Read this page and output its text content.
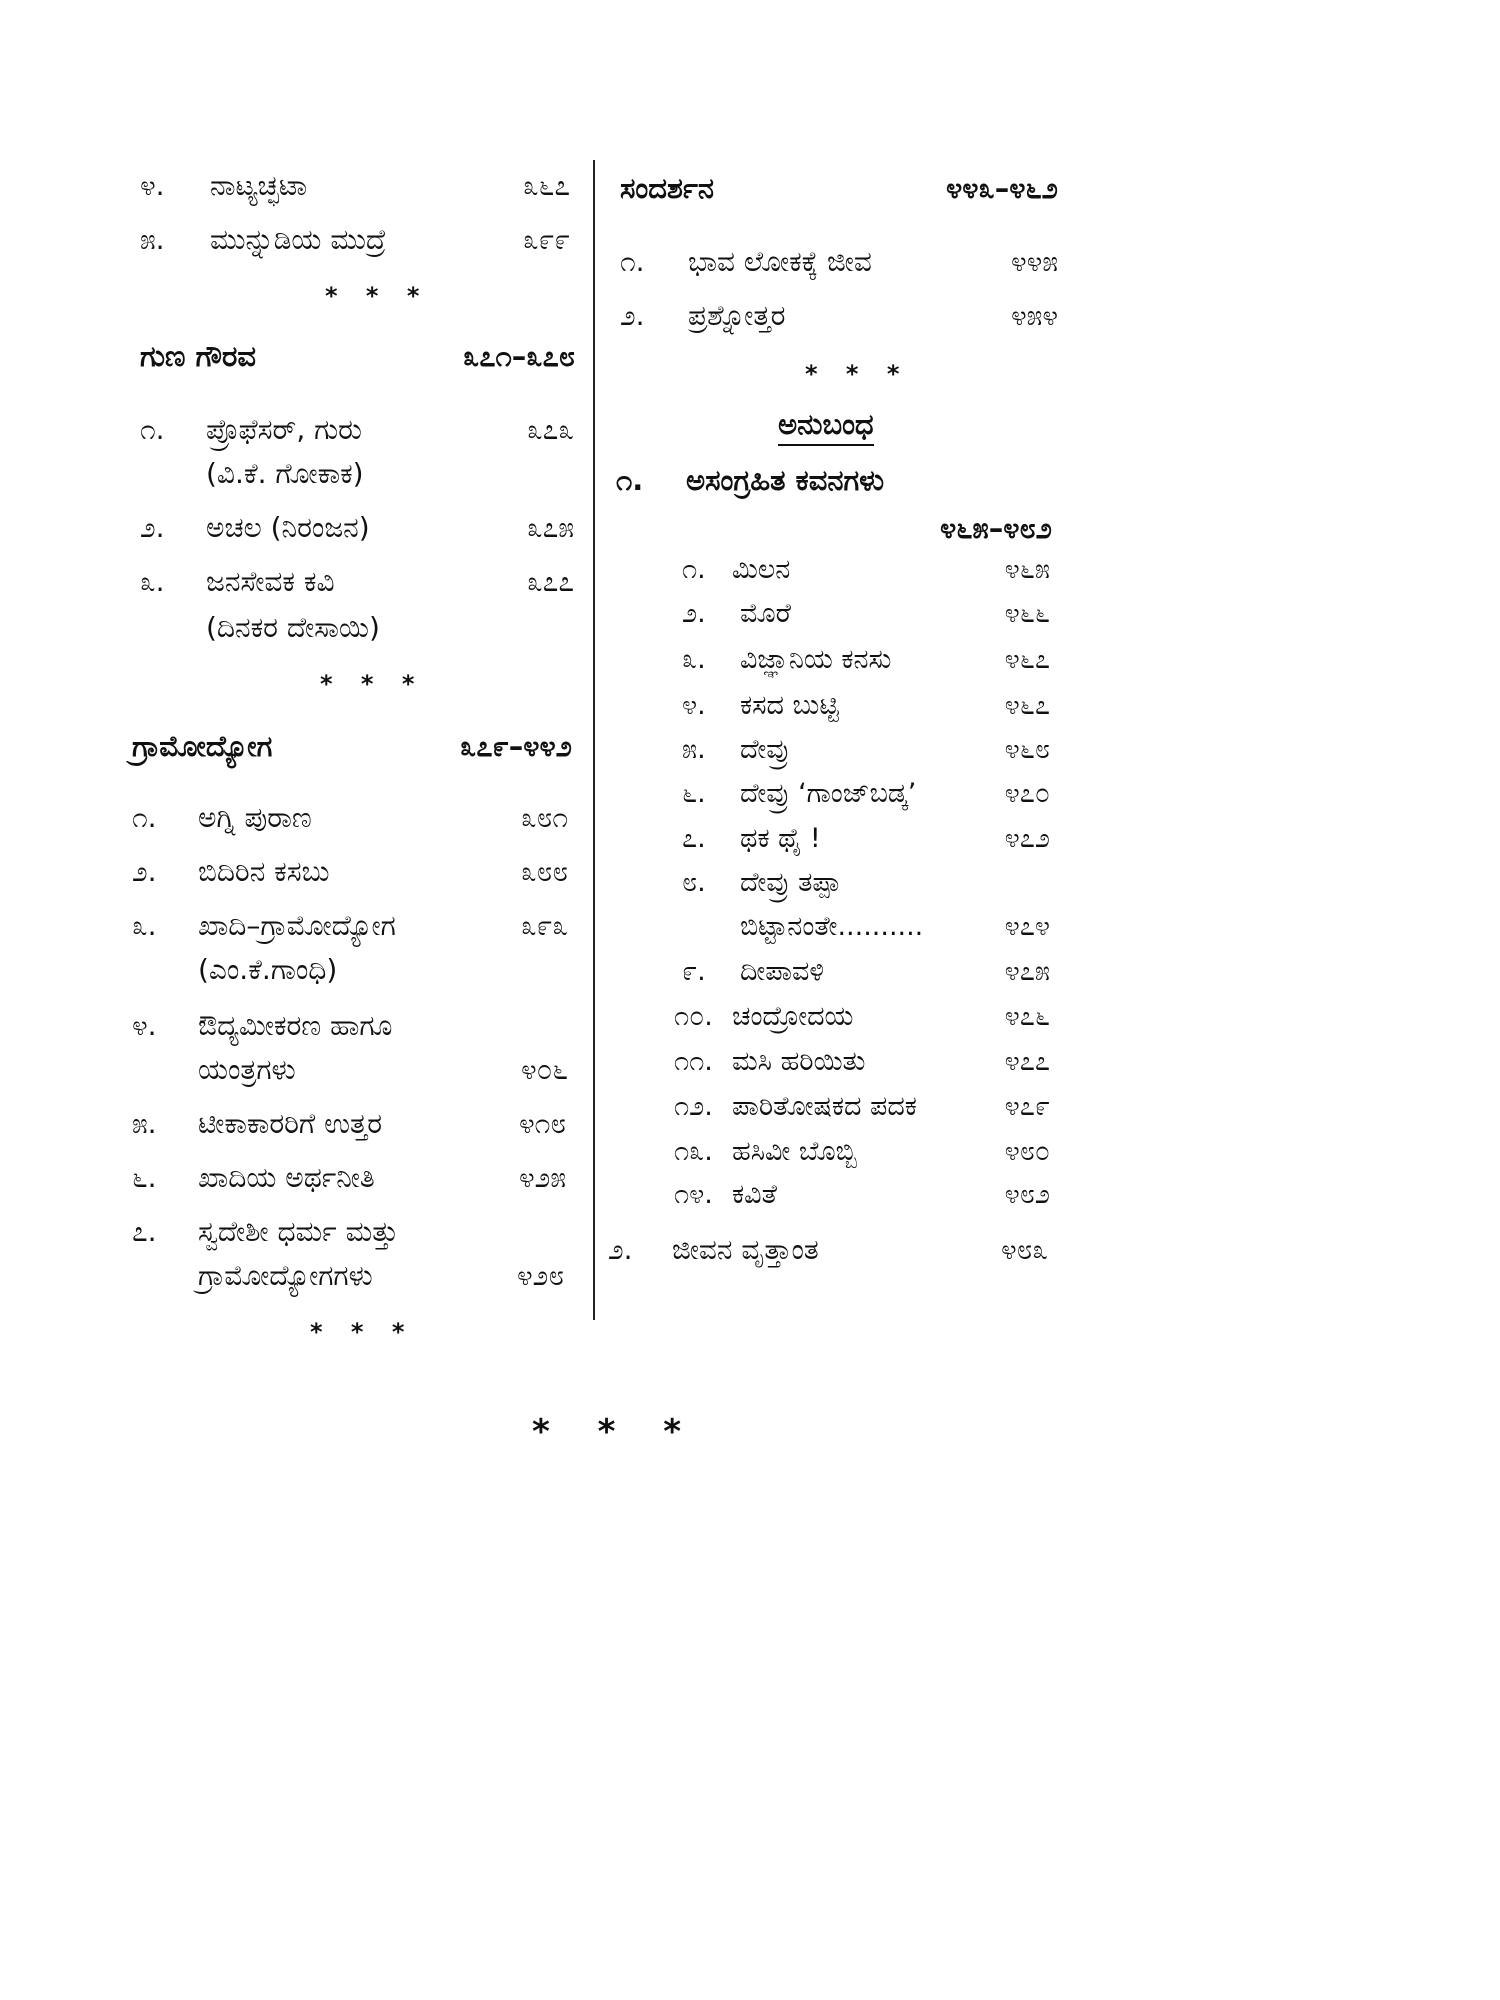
೪. ನಾಟ್ಯಚ್ಛಟಾ	೩೬೭
೫. ಮುನ್ನುಡಿಯ ಮುದ್ರೆ	೩೯೯
* * *
ಗುಣ ಗೌರವ	೩೭೧–೩೭೮
೧. ಪ್ರೊಫೆಸರ್, ಗುರು	೩೭೩
(ವಿ.ಕೆ. ಗೋಕಾಕ)
೨. ಅಚಲ (ನಿರಂಜನ)	೩೭೫
೩. ಜನಸೇವಕ ಕವಿ	೩೭೭
(ದಿನಕರ ದೇಸಾಯಿ)
* * *
ಗ್ರಾಮೋದ್ಯೋಗ	೩೭೯–೪೪೨
೧. ಅಗ್ನಿ ಪುರಾಣ	೩೮೧
೨. ಬಿದಿರಿನ ಕಸಬು	೩೮೮
೩. ಖಾದಿ–ಗ್ರಾಮೋದ್ಯೋಗ	೩೯೩
(ಎಂ.ಕೆ.ಗಾಂಧಿ)
೪. ಔದ್ಯಮೀಕರಣ ಹಾಗೂ
ಯಂತ್ರಗಳು	೪೦೬
೫. ಟೀಕಾಕಾರರಿಗೆ ಉತ್ತರ	೪೧೮
೬. ಖಾದಿಯ ಅರ್ಥನೀತಿ	೪೨೫
೭. ಸ್ವದೇಶೀ ಧರ್ಮ ಮತ್ತು
ಗ್ರಾಮೋದ್ಯೋಗಗಳು	೪೨೮
* * *
ಸಂದರ್ಶನ	೪೪೩–೪೬೨
೧. ಭಾವ ಲೋಕಕ್ಕೆ ಜೀವ	೪೪೫
೨. ಪ್ರಶ್ನೋತ್ತರ	೪೫೪
* * *
ಅನುಬಂಧ
೧. ಅಸಂಗ್ರಹಿತ ಕವನಗಳು
೪೬೫–೪೮೨
೧. ಮಿಲನ	೪೬೫
೨. ಮೊರೆ	೪೬೬
೩. ವಿಜ್ಞಾನಿಯ ಕನಸು	೪೬೭
೪. ಕಸದ ಬುಟ್ಟಿ	೪೬೭
೫. ದೇವ್ರು	೪೬೮
೬. ದೇವ್ರು ‘ಗಾಂಜ್‌ಬಡ್ಕ’	೪೭೦
೭. ಥಕ ಥೈ !	೪೭೨
೮. ದೇವ್ರು ತಪ್ಪಾ
ಬಿಟ್ಟಾನಂತೇ..........	೪೭೪
೯. ದೀಪಾವಳಿ	೪೭೫
೧೦. ಚಂದ್ರೋದಯ	೪೭೬
೧೧. ಮಸಿ ಹರಿಯಿತು	೪೭೭
೧೨. ಪಾರಿತೋಷಕದ ಪದಕ	೪೭೯
೧೩. ಹಸಿವೀ ಬೊಬ್ಬಿ	೪೮೦
೧೪. ಕವಿತೆ	೪೮೨
೨. ಜೀವನ ವೃತ್ತಾಂತ	೪೮೩
* * *
